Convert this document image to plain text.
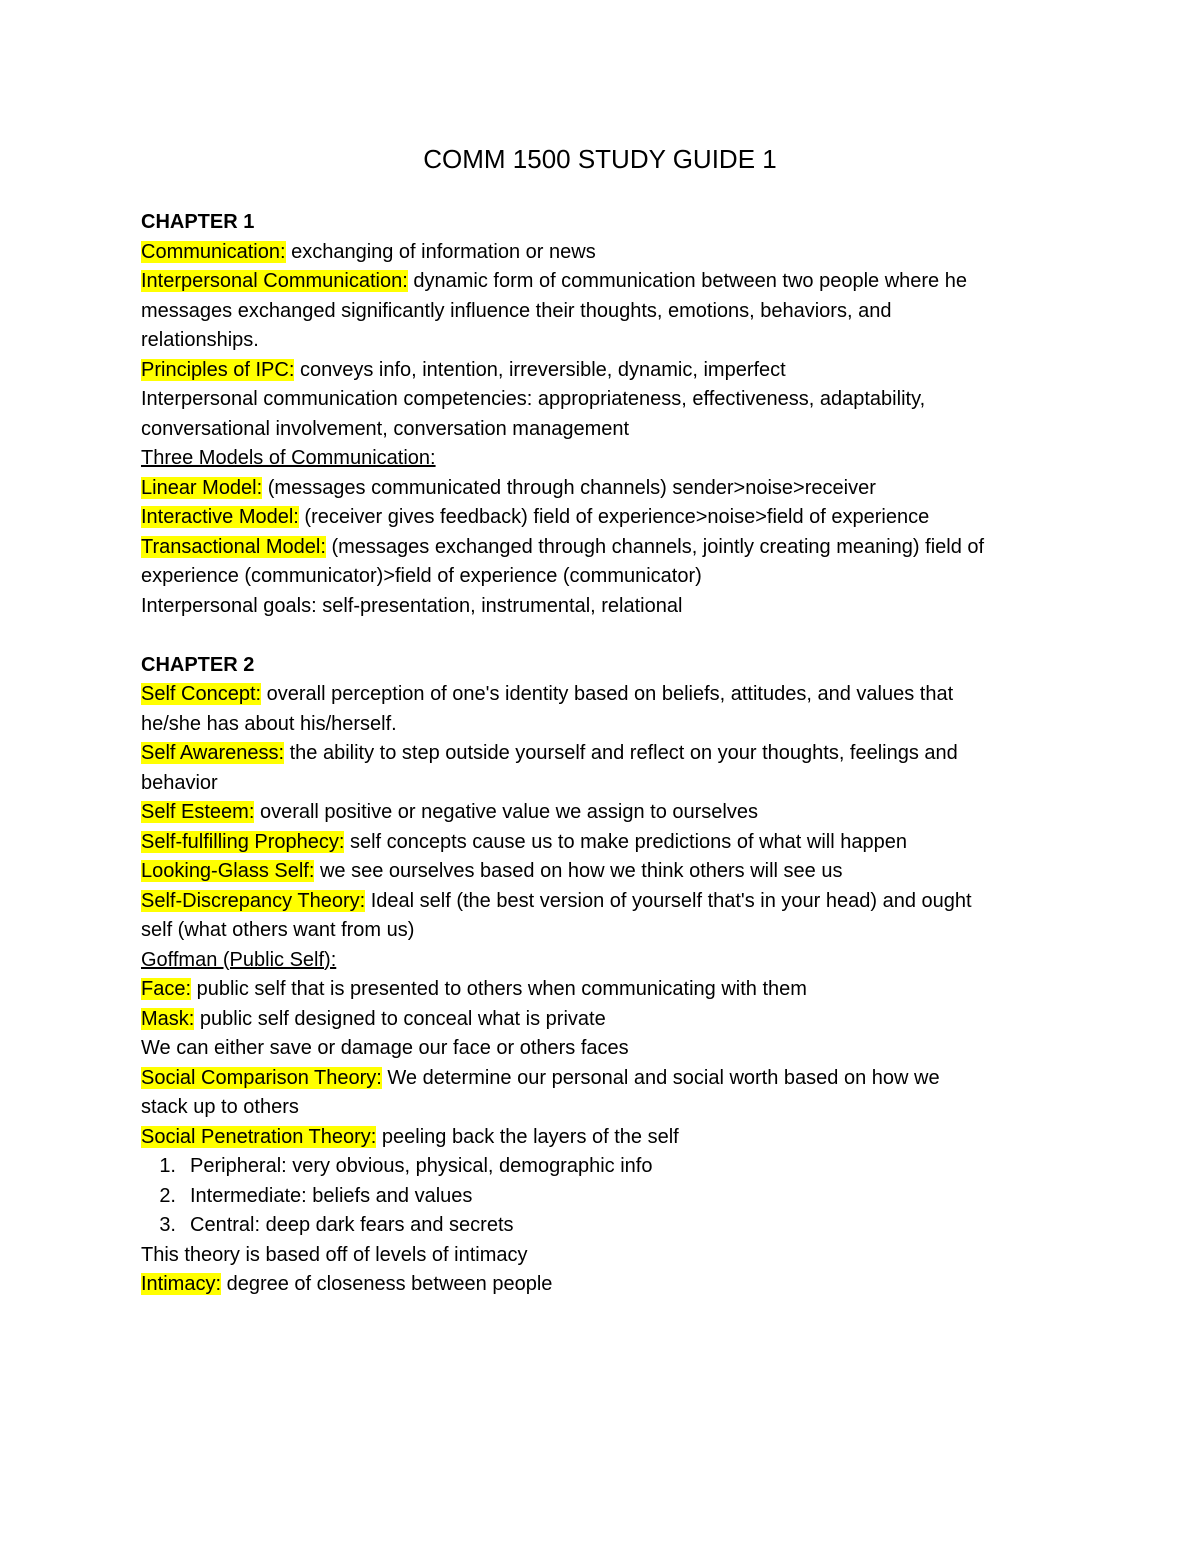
COMM 1500 STUDY GUIDE 1

CHAPTER 1

Communication: exchanging of information or news

Interpersonal Communication: dynamic form of communication between two people where he

messages exchanged significantly influence their thoughts, emotions, behaviors, and

relationships.

Principles of IPC: conveys info, intention, irreversible, dynamic, imperfect

Interpersonal communication competencies: appropriateness, effectiveness, adaptability,

conversational involvement, conversation management

Three Models of Communication:

Linear Model: (messages communicated through channels) sender>noise>receiver

Interactive Model: (receiver gives feedback) field of experience>noise>field of experience

Transactional Model: (messages exchanged through channels, jointly creating meaning) field of

experience (communicator)>field of experience (communicator)

Interpersonal goals: self-presentation, instrumental, relational

CHAPTER 2

Self Concept: overall perception of one's identity based on beliefs, attitudes, and values that

he/she has about his/herself.

Self Awareness: the ability to step outside yourself and reflect on your thoughts, feelings and

behavior

Self Esteem: overall positive or negative value we assign to ourselves

Self-fulfilling Prophecy: self concepts cause us to make predictions of what will happen

Looking-Glass Self: we see ourselves based on how we think others will see us

Self-Discrepancy Theory: Ideal self (the best version of yourself that's in your head) and ought

self (what others want from us)

Goffman (Public Self):

Face: public self that is presented to others when communicating with them

Mask: public self designed to conceal what is private

We can either save or damage our face or others faces

Social Comparison Theory: We determine our personal and social worth based on how we

stack up to others

Social Penetration Theory: peeling back the layers of the self

1. Peripheral: very obvious, physical, demographic info

2. Intermediate: beliefs and values

3. Central: deep dark fears and secrets

This theory is based off of levels of intimacy

Intimacy: degree of closeness between people
